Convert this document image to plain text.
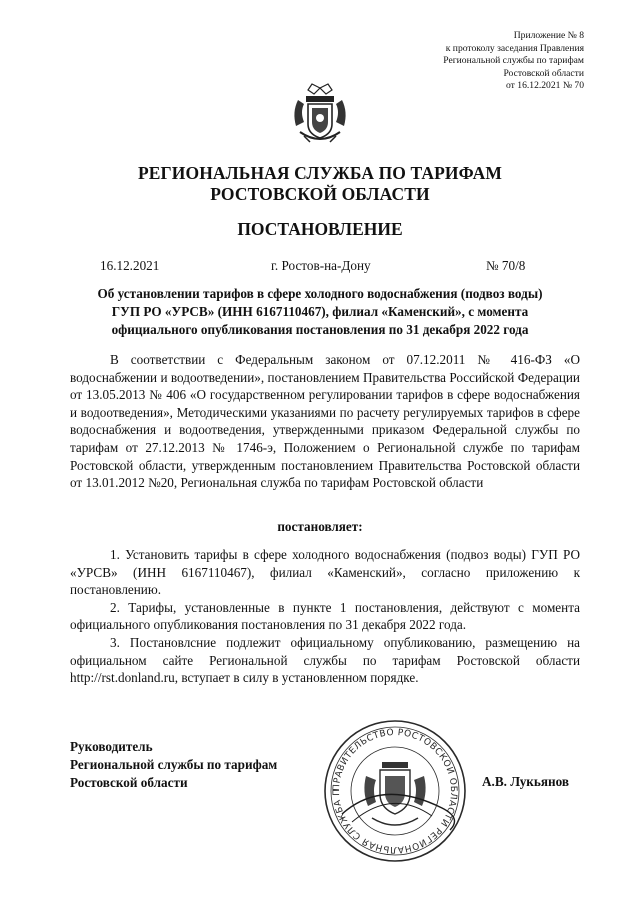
Приложение № 8
к протоколу заседания Правления
Региональной службы по тарифам
Ростовской области
от 16.12.2021 № 70
РЕГИОНАЛЬНАЯ СЛУЖБА ПО ТАРИФАМ
РОСТОВСКОЙ ОБЛАСТИ
ПОСТАНОВЛЕНИЕ
16.12.2021	г. Ростов-на-Дону	№ 70/8
Об установлении тарифов в сфере холодного водоснабжения (подвоз воды)
ГУП РО «УРСВ» (ИНН 6167110467), филиал «Каменский», с момента
официального опубликования постановления по 31 декабря 2022 года

В соответствии с Федеральным законом от 07.12.2011 № 416-ФЗ «О водоснабжении и водоотведении», постановлением Правительства Российской Федерации от 13.05.2013 № 406 «О государственном регулировании тарифов в сфере водоснабжения и водоотведения», Методическими указаниями по расчету регулируемых тарифов в сфере водоснабжения и водоотведения, утвержденными приказом Федеральной службы по тарифам от 27.12.2013 № 1746-э, Положением о Региональной службе по тарифам Ростовской области, утвержденным постановлением Правительства Ростовской области от 13.01.2012 №20, Региональная служба по тарифам Ростовской области

постановляет:

1. Установить тарифы в сфере холодного водоснабжения (подвоз воды) ГУП РО «УРСВ» (ИНН 6167110467), филиал «Каменский», согласно приложению к постановлению.

2. Тарифы, установленные в пункте 1 постановления, действуют с момента официального опубликования постановления по 31 декабря 2022 года.

3. Постановлсние подлежит официальному опубликованию, размещению на официальном сайте Региональной службы по тарифам Ростовской области http://rst.donland.ru, вступает в силу в установленном порядке.

Руководитель
Региональной службы по тарифам
Ростовской области	ПРАВИТЕЛЬСТВО РОСТОВСКОЙ ОБЛАСТИ РЕГИОНАЛЬНАЯ СЛУЖБА П
А.В. Лукьянов
